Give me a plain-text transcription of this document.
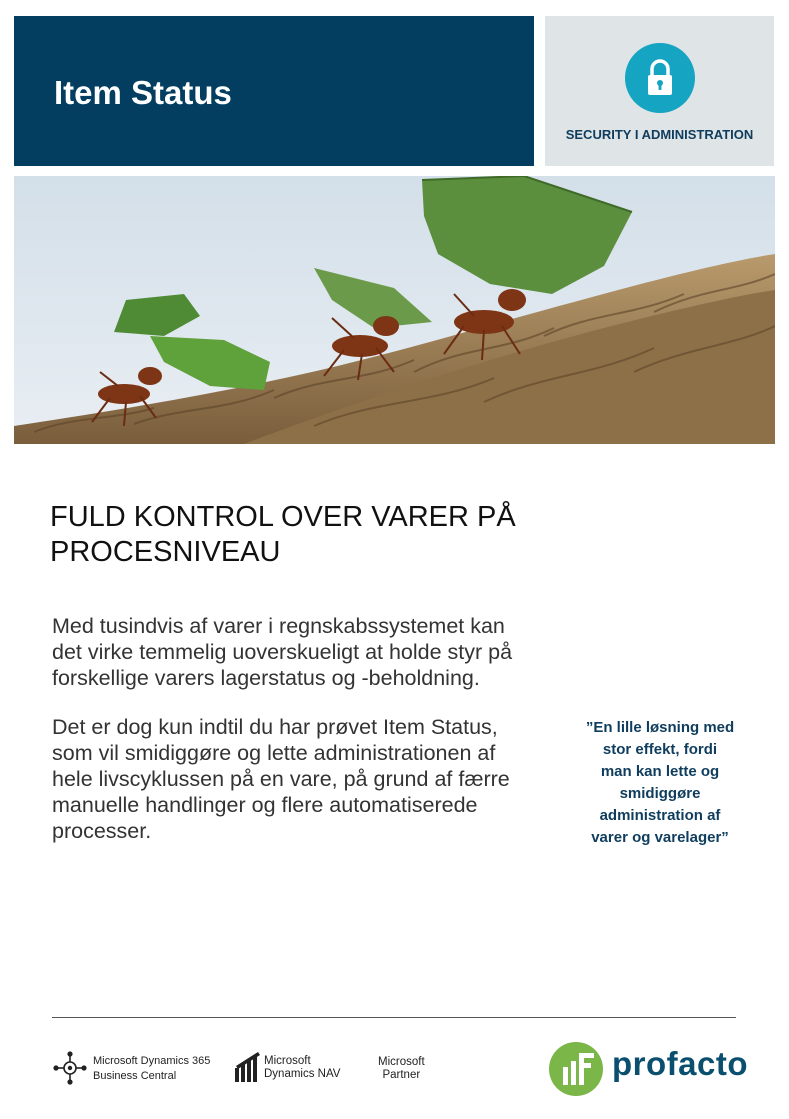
Item Status
SECURITY I ADMINISTRATION
FULD KONTROL OVER VARER PÅ
PROCESNIVEAU
Med tusindvis af varer i regnskabssystemet kan
det virke temmelig uoverskueligt at holde styr på
forskellige varers lagerstatus og -beholdning.
Det er dog kun indtil du har prøvet Item Status,
som vil smidiggøre og lette administrationen af
hele livscyklussen på en vare, på grund af færre
manuelle handlinger og flere automatiserede
processer.
”En lille løsning med
stor effekt, fordi
man kan lette og
smidiggøre
administration af
varer og varelager”
Microsoft Dynamics 365
Business Central
Microsoft
Dynamics NAV
Microsoft
Partner	profacto
